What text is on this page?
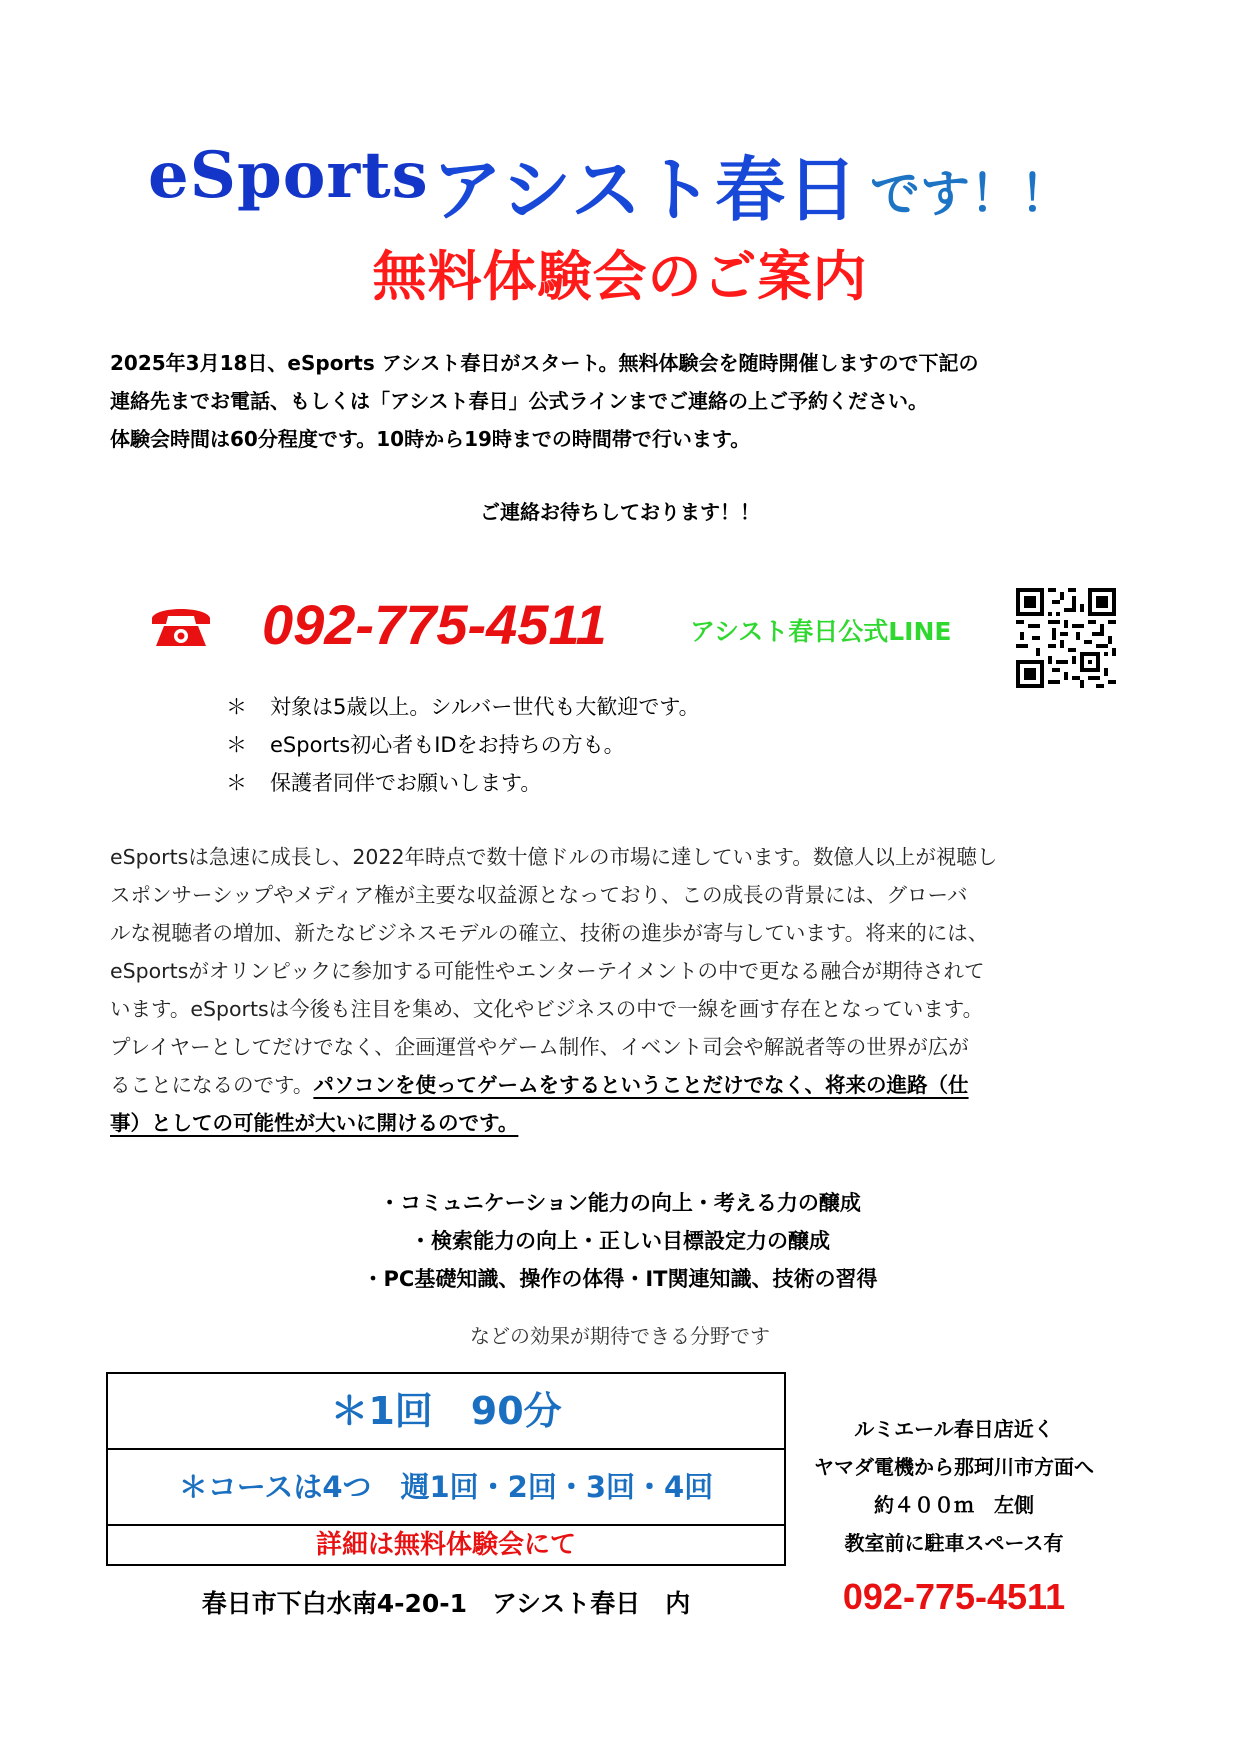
eSports アシスト春日 です！！
無料体験会のご案内
2025年3月18日、eSports アシスト春日がスタート。無料体験会を随時開催しますので下記の
連絡先までお電話、もしくは「アシスト春日」公式ラインまでご連絡の上ご予約ください。
体験会時間は60分程度です。10時から19時までの時間帯で行います。
ご連絡お待ちしております！！
092-775-4511	アシスト春日公式LINE
＊ 対象は5歳以上。シルバー世代も大歓迎です。
＊ eSports初心者もIDをお持ちの方も。
＊ 保護者同伴でお願いします。
eSportsは急速に成長し、2022年時点で数十億ドルの市場に達しています。数億人以上が視聴し
スポンサーシップやメディア権が主要な収益源となっており、この成長の背景には、グローバ
ルな視聴者の増加、新たなビジネスモデルの確立、技術の進歩が寄与しています。将来的には、
eSportsがオリンピックに参加する可能性やエンターテイメントの中で更なる融合が期待されて
います。eSportsは今後も注目を集め、文化やビジネスの中で一線を画す存在となっています。
プレイヤーとしてだけでなく、企画運営やゲーム制作、イベント司会や解説者等の世界が広が
ることになるのです。パソコンを使ってゲームをするということだけでなく、将来の進路（仕
事）としての可能性が大いに開けるのです。
・コミュニケーション能力の向上・考える力の醸成
・検索能力の向上・正しい目標設定力の醸成
・PC基礎知識、操作の体得・IT関連知識、技術の習得
などの効果が期待できる分野です
＊1回　90分
＊コースは4つ　週1回・2回・3回・4回
詳細は無料体験会にて
ルミエール春日店近く
ヤマダ電機から那珂川市方面へ
約４００ｍ　左側
教室前に駐車スペース有
春日市下白水南4-20-1　アシスト春日　内	092-775-4511
